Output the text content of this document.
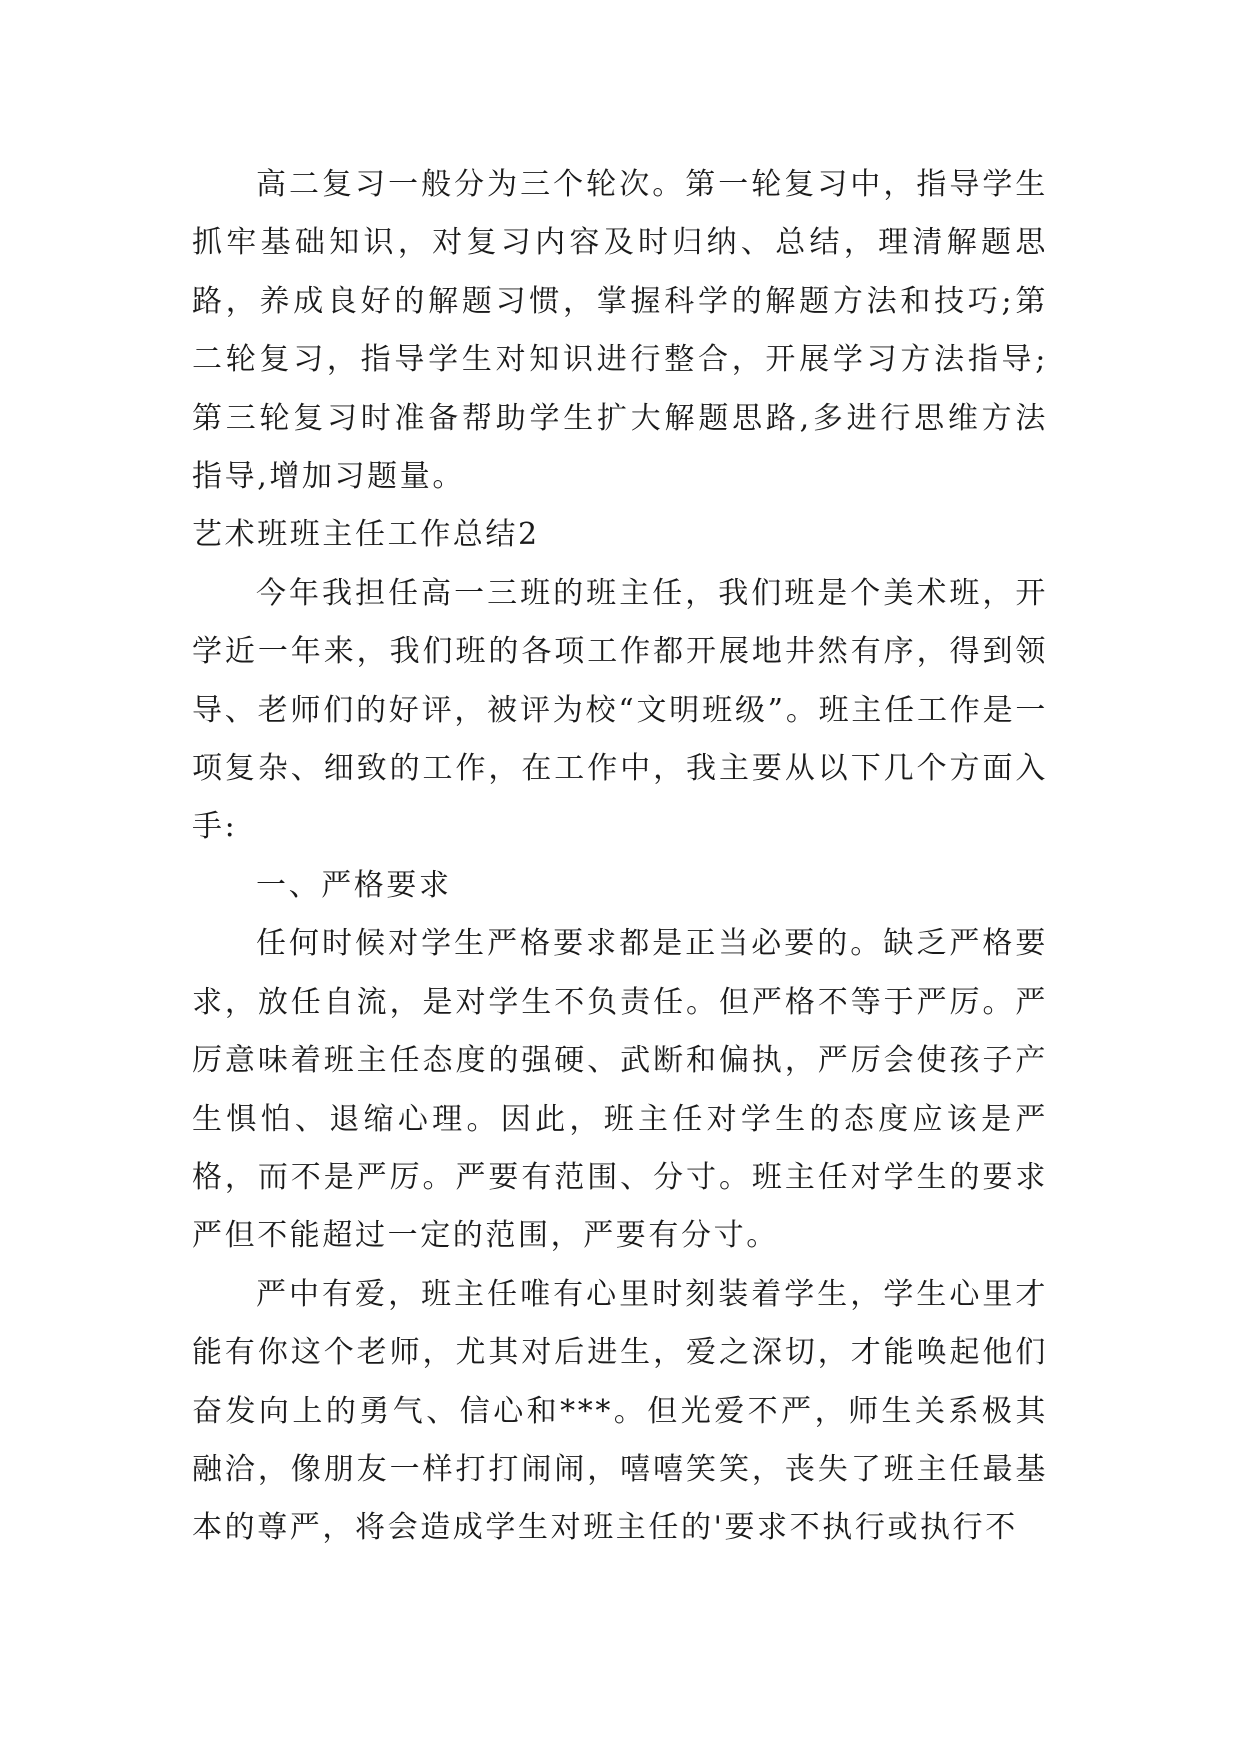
高二复习一般分为三个轮次。第一轮复习中，指导学生抓牢基础知识，对复习内容及时归纳、总结，理清解题思路，养成良好的解题习惯，掌握科学的解题方法和技巧;第二轮复习，指导学生对知识进行整合，开展学习方法指导;第三轮复习时准备帮助学生扩大解题思路,多进行思维方法指导,增加习题量。

艺术班班主任工作总结2

今年我担任高一三班的班主任，我们班是个美术班，开学近一年来，我们班的各项工作都开展地井然有序，得到领导、老师们的好评，被评为校“文明班级”。班主任工作是一项复杂、细致的工作，在工作中，我主要从以下几个方面入手:

一、严格要求

任何时候对学生严格要求都是正当必要的。缺乏严格要求，放任自流，是对学生不负责任。但严格不等于严厉。严厉意味着班主任态度的强硬、武断和偏执，严厉会使孩子产生惧怕、退缩心理。因此，班主任对学生的态度应该是严格，而不是严厉。严要有范围、分寸。班主任对学生的要求严但不能超过一定的范围，严要有分寸。

严中有爱，班主任唯有心里时刻装着学生，学生心里才能有你这个老师，尤其对后进生，爱之深切，才能唤起他们奋发向上的勇气、信心和***。但光爱不严，师生关系极其融洽，像朋友一样打打闹闹，嘻嘻笑笑，丧失了班主任最基本的尊严，将会造成学生对班主任的'要求不执行或执行不
